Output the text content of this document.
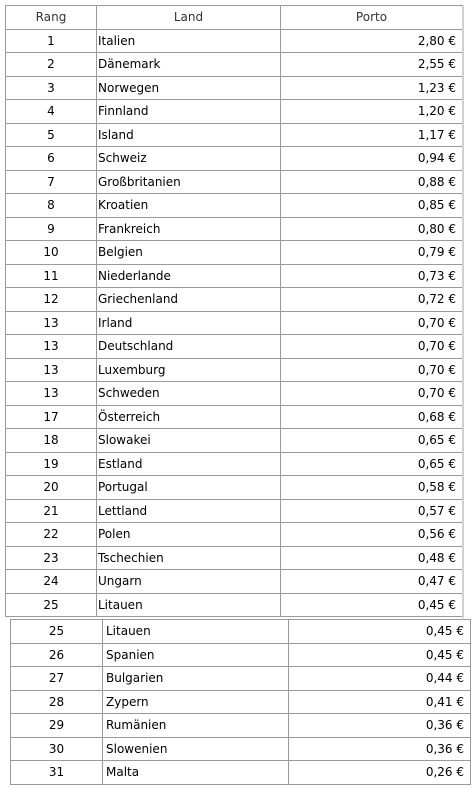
Rang	Land	Porto
1	Italien	2,80 €
2	Dänemark	2,55 €
3	Norwegen	1,23 €
4	Finnland	1,20 €
5	Island	1,17 €
6	Schweiz	0,94 €
7	Großbritanien	0,88 €
8	Kroatien	0,85 €
9	Frankreich	0,80 €
10	Belgien	0,79 €
11	Niederlande	0,73 €
12	Griechenland	0,72 €
13	Irland	0,70 €
13	Deutschland	0,70 €
13	Luxemburg	0,70 €
13	Schweden	0,70 €
17	Österreich	0,68 €
18	Slowakei	0,65 €
19	Estland	0,65 €
20	Portugal	0,58 €
21	Lettland	0,57 €
22	Polen	0,56 €
23	Tschechien	0,48 €
24	Ungarn	0,47 €
25	Litauen	0,45 €
25	Litauen	0,45 €
26	Spanien	0,45 €
27	Bulgarien	0,44 €
28	Zypern	0,41 €
29	Rumänien	0,36 €
30	Slowenien	0,36 €
31	Malta	0,26 €
